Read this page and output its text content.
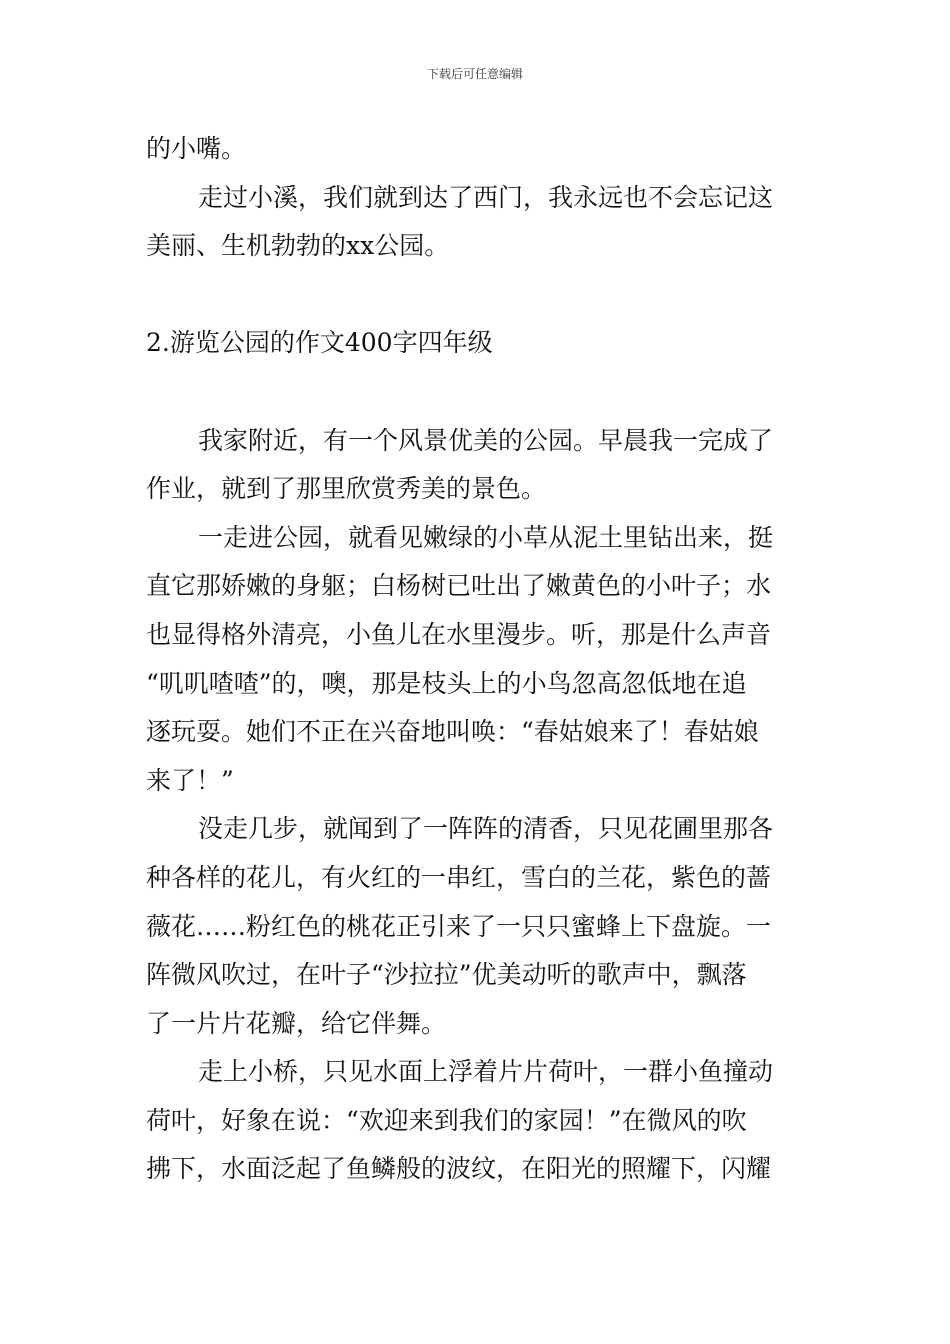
下载后可任意编辑
的小嘴。
走过小溪，我们就到达了西门，我永远也不会忘记这
美丽、生机勃勃的xx公园。
2.游览公园的作文400字四年级
我家附近，有一个风景优美的公园。早晨我一完成了
作业，就到了那里欣赏秀美的景色。
一走进公园，就看见嫩绿的小草从泥土里钻出来，挺
直它那娇嫩的身躯；白杨树已吐出了嫩黄色的小叶子；水
也显得格外清亮，小鱼儿在水里漫步。听，那是什么声音
“叽叽喳喳”的，噢，那是枝头上的小鸟忽高忽低地在追
逐玩耍。她们不正在兴奋地叫唤：“春姑娘来了！春姑娘
来了！”
没走几步，就闻到了一阵阵的清香，只见花圃里那各
种各样的花儿，有火红的一串红，雪白的兰花，紫色的蔷
薇花……粉红色的桃花正引来了一只只蜜蜂上下盘旋。一
阵微风吹过，在叶子“沙拉拉”优美动听的歌声中，飘落
了一片片花瓣，给它伴舞。
走上小桥，只见水面上浮着片片荷叶，一群小鱼撞动
荷叶，好象在说：“欢迎来到我们的家园！”在微风的吹
拂下，水面泛起了鱼鳞般的波纹，在阳光的照耀下，闪耀
